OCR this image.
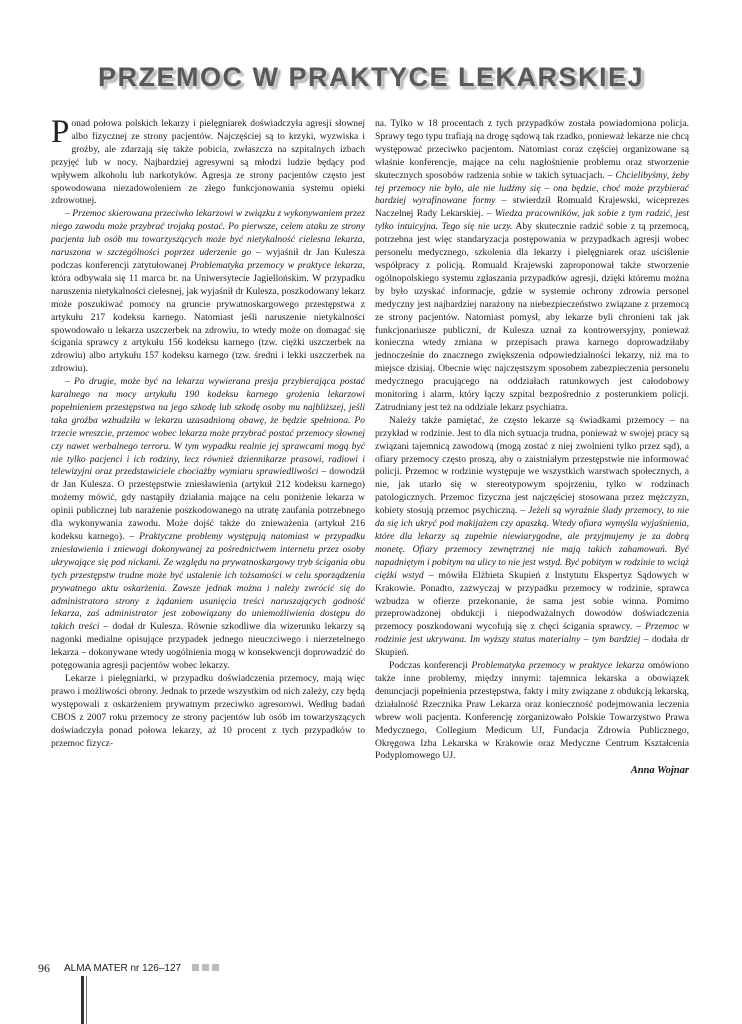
PRZEMOC W PRAKTYCE LEKARSKIEJ

Ponad połowa polskich lekarzy i pielęgniarek doświadczyła agresji słownej albo fizycznej ze strony pacjentów. Najczęściej są to krzyki, wyzwiska i groźby, ale zdarzają się także pobicia, zwłaszcza na szpitalnych izbach przyjęć lub w nocy. Najbardziej agresywni są młodzi ludzie będący pod wpływem alkoholu lub narkotyków. Agresja ze strony pacjentów często jest spowodowana niezadowoleniem ze złego funkcjonowania systemu opieki zdrowotnej.

– Przemoc skierowana przeciwko lekarzowi w związku z wykonywaniem przez niego zawodu może przybrać trojaką postać. Po pierwsze, celem ataku ze strony pacjenta lub osób mu towarzyszących może być nietykalność cielesna lekarza, naruszona w szczególności poprzez uderzenie go – wyjaśnił dr Jan Kulesza podczas konferencji zatytułowanej Problematyka przemocy w praktyce lekarza, która odbywała się 11 marca br. na Uniwersytecie Jagiellońskim. W przypadku naruszenia nietykalności cielesnej, jak wyjaśnił dr Kulesza, poszkodowany lekarz może poszukiwać pomocy na gruncie prywatnoskargowego przestępstwa z artykułu 217 kodeksu karnego. Natomiast jeśli naruszenie nietykalności spowodowało u lekarza uszczerbek na zdrowiu, to wtedy może on domagać się ścigania sprawcy z artykułu 156 kodeksu karnego (tzw. ciężki uszczerbek na zdrowiu) albo artykułu 157 kodeksu karnego (tzw. średni i lekki uszczerbek na zdrowiu).

– Po drugie, może być na lekarza wywierana presja przybierająca postać karalnego na mocy artykułu 190 kodeksu karnego grożenia lekarzowi popełnieniem przestępstwa na jego szkodę lub szkodę osoby mu najbliższej, jeśli taka groźba wzbudziła w lekarzu uzasadnioną obawę, że będzie spełniona. Po trzecie wreszcie, przemoc wobec lekarza może przybrać postać przemocy słownej czy nawet werbalnego terroru. W tym wypadku realnie jej sprawcami mogą być nie tylko pacjenci i ich rodziny, lecz również dziennikarze prasowi, radiowi i telewizyjni oraz przedstawiciele chociażby wymiaru sprawiedliwości – dowodził dr Jan Kulesza. O przestępstwie zniesławienia (artykuł 212 kodeksu karnego) możemy mówić, gdy nastąpiły działania mające na celu poniżenie lekarza w opinii publicznej lub narażenie poszkodowanego na utratę zaufania potrzebnego dla wykonywania zawodu. Może dojść także do znieważenia (artykuł 216 kodeksu karnego). – Praktyczne problemy występują natomiast w przypadku zniesławienia i zniewagi dokonywanej za pośrednictwem internetu przez osoby ukrywające się pod nickami. Ze względu na prywatnoskargowy tryb ścigania obu tych przestępstw trudne może być ustalenie ich tożsamości w celu sporządzenia prywatnego aktu oskarżenia. Zawsze jednak można i należy zwrócić się do administratora strony z żądaniem usunięcia treści naruszających godność lekarza, zaś administrator jest zobowiązany do uniemożliwienia dostępu do takich treści – dodał dr Kulesza. Równie szkodliwe dla wizerunku lekarzy są nagonki medialne opisujące przypadek jednego nieuczciwego i nierzetelnego lekarza – dokonywane wtedy uogólnienia mogą w konsekwencji doprowadzić do potęgowania agresji pacjentów wobec lekarzy.

Lekarze i pielęgniarki, w przypadku doświadczenia przemocy, mają więc prawo i możliwości obrony. Jednak to przede wszystkim od nich zależy, czy będą występowali z oskarżeniem prywatnym przeciwko agresorowi. Według badań CBOS z 2007 roku przemocy ze strony pacjentów lub osób im towarzyszących doświadczyła ponad połowa lekarzy, aż 10 procent z tych przypadków to przemoc fizycz-

na. Tylko w 18 procentach z tych przypadków została powiadomiona policja. Sprawy tego typu trafiają na drogę sądową tak rzadko, ponieważ lekarze nie chcą występować przeciwko pacjentom. Natomiast coraz częściej organizowane są właśnie konferencje, mające na celu nagłośnienie problemu oraz stworzenie skutecznych sposobów radzenia sobie w takich sytuacjach. – Chcielibyśmy, żeby tej przemocy nie było, ale nie ludźmy się – ona będzie, choć może przybierać bardziej wyrafinowane formy – stwierdził Romuald Krajewski, wiceprezes Naczelnej Rady Lekarskiej. – Wiedza pracowników, jak sobie z tym radzić, jest tylko intuicyjna. Tego się nie uczy. Aby skutecznie radzić sobie z tą przemocą, potrzebna jest więc standaryzacja postępowania w przypadkach agresji wobec personelu medycznego, szkolenia dla lekarzy i pielęgniarek oraz uściślenie współpracy z policją. Romuald Krajewski zaproponował także stworzenie ogólnopolskiego systemu zgłaszania przypadków agresji, dzięki któremu można by było uzyskać informacje, gdzie w systemie ochrony zdrowia personel medyczny jest najbardziej narażony na niebezpieczeństwo związane z przemocą ze strony pacjentów. Natomiast pomysł, aby lekarze byli chronieni tak jak funkcjonariusze publiczni, dr Kulesza uznał za kontrowersyjny, ponieważ konieczna wtedy zmiana w przepisach prawa karnego doprowadziłaby jednocześnie do znacznego zwiększenia odpowiedzialności lekarzy, niż ma to miejsce dzisiaj. Obecnie więc najczęstszym sposobem zabezpieczenia personelu medycznego pracującego na oddziałach ratunkowych jest całodobowy monitoring i alarm, który łączy szpital bezpośrednio z posterunkiem policji. Zatrudniany jest też na oddziale lekarz psychiatra.

Należy także pamiętać, że często lekarze są świadkami przemocy – na przykład w rodzinie. Jest to dla nich sytuacja trudna, ponieważ w swojej pracy są związani tajemnicą zawodową (mogą zostać z niej zwolnieni tylko przez sąd), a ofiary przemocy często proszą, aby o zaistniałym przestępstwie nie informować policji. Przemoc w rodzinie występuje we wszystkich warstwach społecznych, a nie, jak utarło się w stereotypowym spojrzeniu, tylko w rodzinach patologicznych. Przemoc fizyczna jest najczęściej stosowana przez mężczyzn, kobiety stosują przemoc psychiczną. – Jeżeli są wyraźnie ślady przemocy, to nie da się ich ukryć pod makijażem czy apaszką. Wtedy ofiara wymyśla wyjaśnienia, które dla lekarzy są zupełnie niewiarygodne, ale przyjmujemy je za dobrą monetę. Ofiary przemocy zewnętrznej nie mają takich zahamowań. Być napadniętym i pobitym na ulicy to nie jest wstyd. Być pobitym w rodzinie to wciąż ciężki wstyd – mówiła Elżbieta Skupień z Instytutu Ekspertyz Sądowych w Krakowie. Ponadto, zazwyczaj w przypadku przemocy w rodzinie, sprawca wzbudza w ofierze przekonanie, że sama jest sobie winna. Pomimo przeprowadzonej obdukcji i niepodważalnych dowodów doświadczenia przemocy poszkodowani wycofują się z chęci ścigania sprawcy. – Przemoc w rodzinie jest ukrywana. Im wyższy status materialny – tym bardziej – dodała dr Skupień.

Podczas konferencji Problematyka przemocy w praktyce lekarza omówiono także inne problemy, między innymi: tajemnica lekarska a obowiązek denuncjacji popełnienia przestępstwa, fakty i mity związane z obdukcją lekarską, działalność Rzecznika Praw Lekarza oraz konieczność podejmowania leczenia wbrew woli pacjenta. Konferencję zorganizowało Polskie Towarzystwo Prawa Medycznego, Collegium Medicum UJ, Fundacja Zdrowia Publicznego, Okręgowa Izba Lekarska w Krakowie oraz Medyczne Centrum Kształcenia Podyplomowego UJ.

Anna Wojnar
96 ALMA MATER nr 126–127
